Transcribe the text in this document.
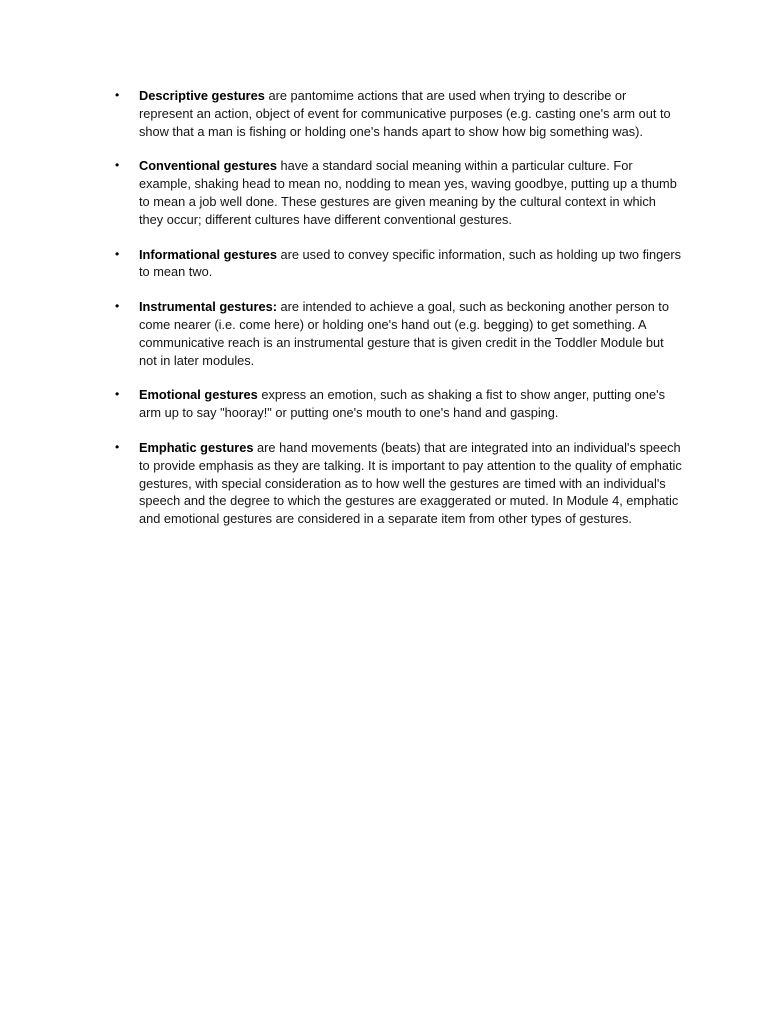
• Descriptive gestures are pantomime actions that are used when trying to describe or represent an action, object of event for communicative purposes (e.g. casting one's arm out to show that a man is fishing or holding one's hands apart to show how big something was).
• Conventional gestures have a standard social meaning within a particular culture. For example, shaking head to mean no, nodding to mean yes, waving goodbye, putting up a thumb to mean a job well done. These gestures are given meaning by the cultural context in which they occur; different cultures have different conventional gestures.
• Informational gestures are used to convey specific information, such as holding up two fingers to mean two.
• Instrumental gestures: are intended to achieve a goal, such as beckoning another person to come nearer (i.e. come here) or holding one's hand out (e.g. begging) to get something. A communicative reach is an instrumental gesture that is given credit in the Toddler Module but not in later modules.
• Emotional gestures express an emotion, such as shaking a fist to show anger, putting one's arm up to say "hooray!" or putting one's mouth to one's hand and gasping.
• Emphatic gestures are hand movements (beats) that are integrated into an individual's speech to provide emphasis as they are talking. It is important to pay attention to the quality of emphatic gestures, with special consideration as to how well the gestures are timed with an individual's speech and the degree to which the gestures are exaggerated or muted. In Module 4, emphatic and emotional gestures are considered in a separate item from other types of gestures.
